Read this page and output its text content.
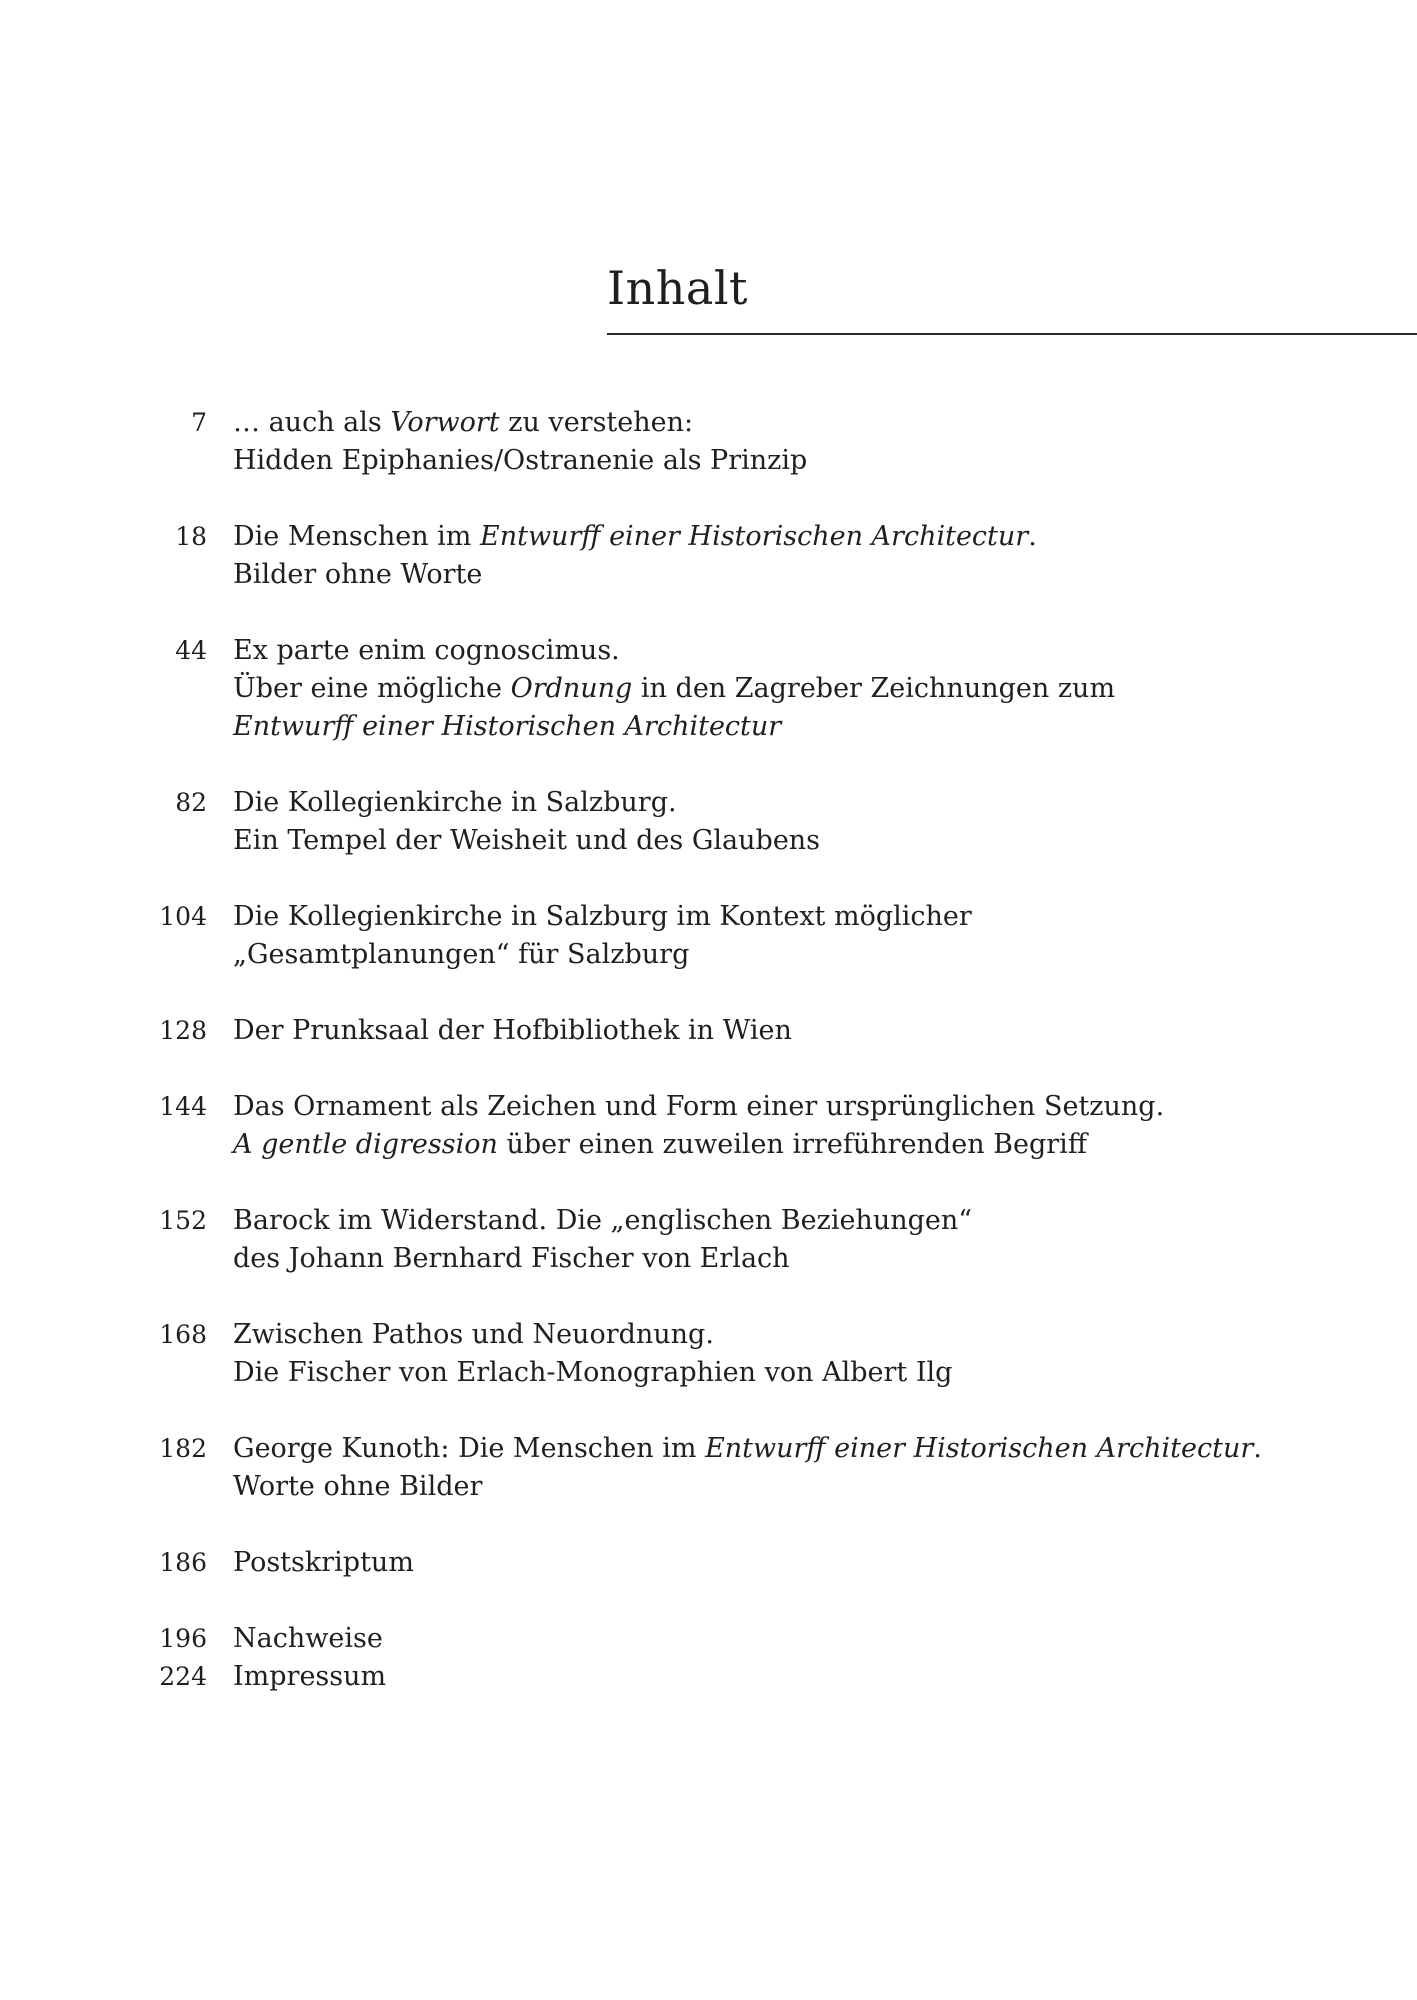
Inhalt
7 … auch als Vorwort zu verstehen:
Hidden Epiphanies/Ostranenie als Prinzip
18 Die Menschen im Entwurff einer Historischen Architectur.
Bilder ohne Worte
44 Ex parte enim cognoscimus.
Über eine mögliche Ordnung in den Zagreber Zeichnungen zum
Entwurff einer Historischen Architectur
82 Die Kollegienkirche in Salzburg.
Ein Tempel der Weisheit und des Glaubens
104 Die Kollegienkirche in Salzburg im Kontext möglicher
„Gesamtplanungen“ für Salzburg
128 Der Prunksaal der Hofbibliothek in Wien
144 Das Ornament als Zeichen und Form einer ursprünglichen Setzung.
A gentle digression über einen zuweilen irreführenden Begriff
152 Barock im Widerstand. Die „englischen Beziehungen“
des Johann Bernhard Fischer von Erlach
168 Zwischen Pathos und Neuordnung.
Die Fischer von Erlach-Monographien von Albert Ilg
182 George Kunoth: Die Menschen im Entwurff einer Historischen Architectur.
Worte ohne Bilder
186 Postskriptum
196 Nachweise
224 Impressum
